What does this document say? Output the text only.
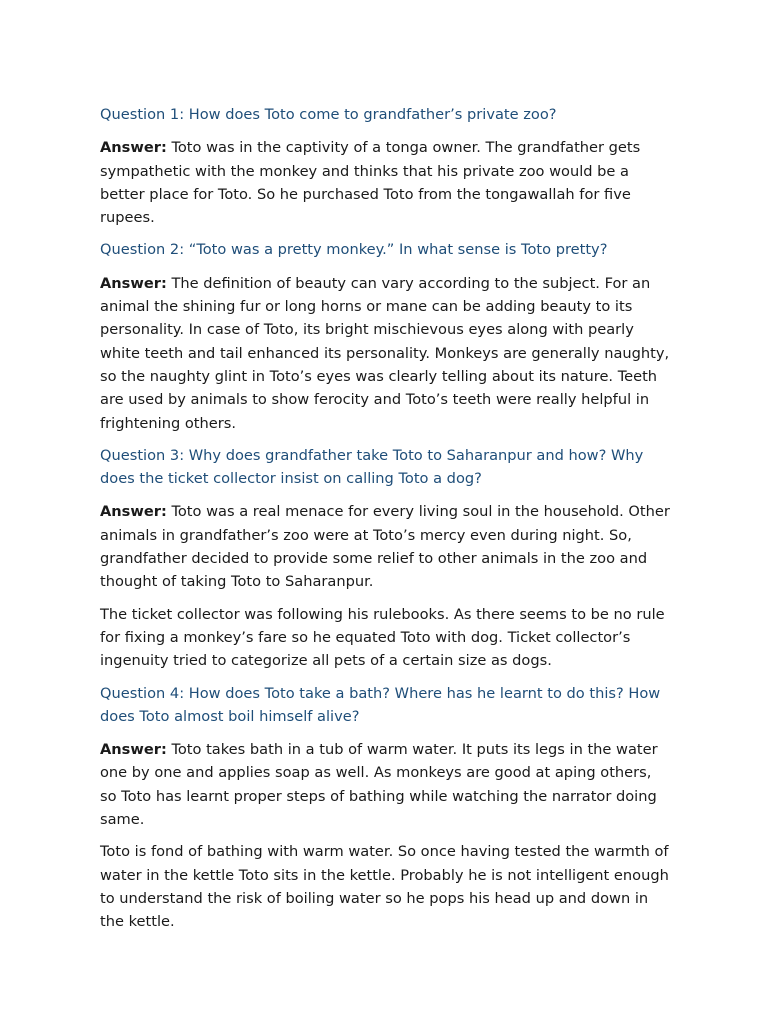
Question 1: How does Toto come to grandfather’s private zoo?

Answer: Toto was in the captivity of a tonga owner. The grandfather gets sympathetic with the monkey and thinks that his private zoo would be a better place for Toto. So he purchased Toto from the tongawallah for five rupees.

Question 2: “Toto was a pretty monkey.” In what sense is Toto pretty?

Answer: The definition of beauty can vary according to the subject. For an animal the shining fur or long horns or mane can be adding beauty to its personality. In case of Toto, its bright mischievous eyes along with pearly white teeth and tail enhanced its personality. Monkeys are generally naughty, so the naughty glint in Toto’s eyes was clearly telling about its nature. Teeth are used by animals to show ferocity and Toto’s teeth were really helpful in frightening others.

Question 3: Why does grandfather take Toto to Saharanpur and how? Why does the ticket collector insist on calling Toto a dog?

Answer: Toto was a real menace for every living soul in the household. Other animals in grandfather’s zoo were at Toto’s mercy even during night. So, grandfather decided to provide some relief to other animals in the zoo and thought of taking Toto to Saharanpur.

The ticket collector was following his rulebooks. As there seems to be no rule for fixing a monkey’s fare so he equated Toto with dog. Ticket collector’s ingenuity tried to categorize all pets of a certain size as dogs.

Question 4: How does Toto take a bath? Where has he learnt to do this? How does Toto almost boil himself alive?

Answer: Toto takes bath in a tub of warm water. It puts its legs in the water one by one and applies soap as well. As monkeys are good at aping others, so Toto has learnt proper steps of bathing while watching the narrator doing same.

Toto is fond of bathing with warm water. So once having tested the warmth of water in the kettle Toto sits in the kettle. Probably he is not intelligent enough to understand the risk of boiling water so he pops his head up and down in the kettle.
